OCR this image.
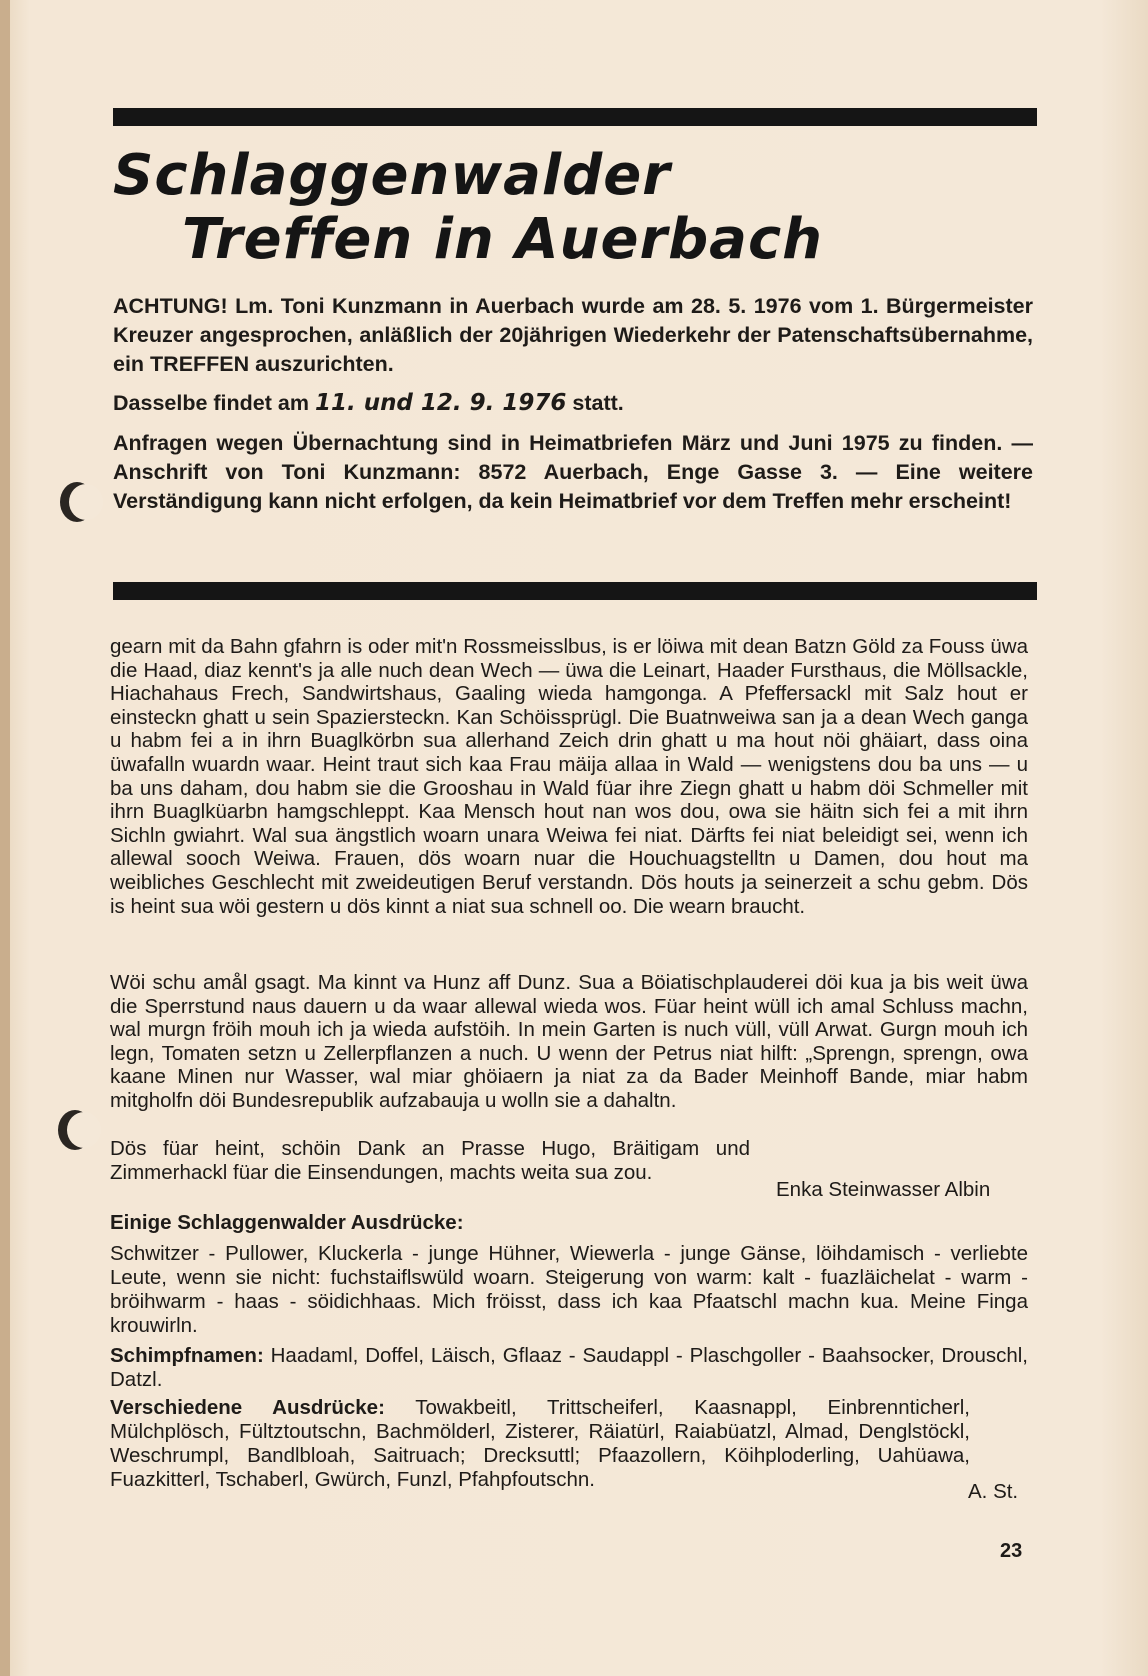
Schlaggenwalder
Treffen in Auerbach

ACHTUNG! Lm. Toni Kunzmann in Auerbach wurde am 28. 5. 1976 vom 1. Bürgermeister Kreuzer angesprochen, anläßlich der 20jährigen Wiederkehr der Patenschaftsübernahme, ein TREFFEN auszurichten.

Dasselbe findet am 11. und 12. 9. 1976 statt.

Anfragen wegen Übernachtung sind in Heimatbriefen März und Juni 1975 zu finden. — Anschrift von Toni Kunzmann: 8572 Auerbach, Enge Gasse 3. — Eine weitere Verständigung kann nicht erfolgen, da kein Heimatbrief vor dem Treffen mehr erscheint!

gearn mit da Bahn gfahrn is oder mit'n Rossmeisslbus, is er löiwa mit dean Batzn Göld za Fouss üwa die Haad, diaz kennt's ja alle nuch dean Wech — üwa die Leinart, Haader Fursthaus, die Möllsackle, Hiachahaus Frech, Sandwirtshaus, Gaaling wieda hamgonga. A Pfeffersackl mit Salz hout er einsteckn ghatt u sein Spaziersteckn. Kan Schöissprügl. Die Buatnweiwa san ja a dean Wech ganga u habm fei a in ihrn Buaglkörbn sua allerhand Zeich drin ghatt u ma hout nöi ghäiart, dass oina üwafalln wuardn waar. Heint traut sich kaa Frau mäija allaa in Wald — wenigstens dou ba uns — u ba uns daham, dou habm sie die Grooshau in Wald füar ihre Ziegn ghatt u habm döi Schmeller mit ihrn Buaglküarbn hamgschleppt. Kaa Mensch hout nan wos dou, owa sie häitn sich fei a mit ihrn Sichln gwiahrt. Wal sua ängstlich woarn unara Weiwa fei niat. Därfts fei niat beleidigt sei, wenn ich allewal sooch Weiwa. Frauen, dös woarn nuar die Houchuagstelltn u Damen, dou hout ma weibliches Geschlecht mit zweideutigen Beruf verstandn. Dös houts ja seinerzeit a schu gebm. Dös is heint sua wöi gestern u dös kinnt a niat sua schnell oo. Die wearn braucht.

Wöi schu amål gsagt. Ma kinnt va Hunz aff Dunz. Sua a Böiatischplauderei döi kua ja bis weit üwa die Sperrstund naus dauern u da waar allewal wieda wos. Füar heint wüll ich amal Schluss machn, wal murgn fröih mouh ich ja wieda aufstöih. In mein Garten is nuch vüll, vüll Arwat. Gurgn mouh ich legn, Tomaten setzn u Zellerpflanzen a nuch. U wenn der Petrus niat hilft: „Sprengn, sprengn, owa kaane Minen nur Wasser, wal miar ghöiaern ja niat za da Bader Meinhoff Bande, miar habm mitgholfn döi Bundesrepublik aufzabauja u wolln sie a dahaltn.

Dös füar heint, schöin Dank an Prasse Hugo, Bräitigam und Zimmerhackl füar die Einsendungen, machts weita sua zou.

Enka Steinwasser Albin
Einige Schlaggenwalder Ausdrücke:

Schwitzer - Pullower, Kluckerla - junge Hühner, Wiewerla - junge Gänse, löihdamisch - verliebte Leute, wenn sie nicht: fuchstaiflswüld woarn. Steigerung von warm: kalt - fuazläichelat - warm - bröihwarm - haas - söidichhaas. Mich fröisst, dass ich kaa Pfaatschl machn kua. Meine Finga krouwirln.

Schimpfnamen: Haadaml, Doffel, Läisch, Gflaaz - Saudappl - Plaschgoller - Baahsocker, Drouschl, Datzl.

Verschiedene Ausdrücke: Towakbeitl, Trittscheiferl, Kaasnappl, Einbrennticherl, Mülchplösch, Fültztoutschn, Bachmölderl, Zisterer, Räiatürl, Raiabüatzl, Almad, Denglstöckl, Weschrumpl, Bandlbloah, Saitruach; Drecksuttl; Pfaazollern, Köihploderling, Uahüawa, Fuazkitterl, Tschaberl, Gwürch, Funzl, Pfahpfoutschn.

A. St.
23
